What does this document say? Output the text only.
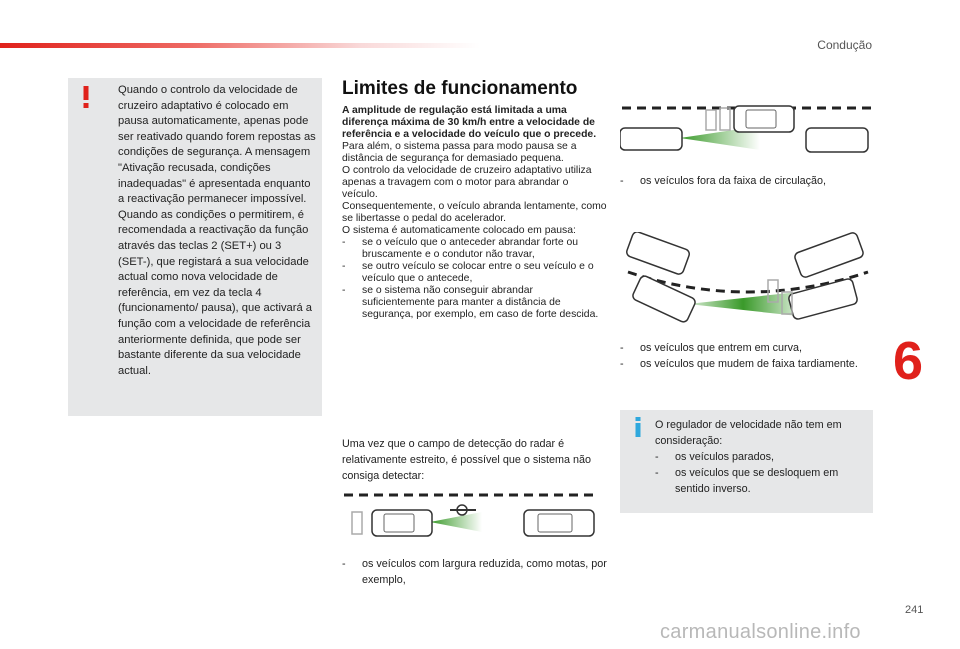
Condução
Quando o controlo da velocidade de cruzeiro adaptativo é colocado em pausa automaticamente, apenas pode ser reativado quando forem repostas as condições de segurança. A mensagem "Ativação recusada, condições inadequadas" é apresentada enquanto a reactivação permanecer impossível. Quando as condições o permitirem, é recomendada a reactivação da função através das teclas 2 (SET+) ou 3 (SET-), que registará a sua velocidade actual como nova velocidade de referência, em vez da tecla 4 (funcionamento/ pausa), que activará a função com a velocidade de referência anteriormente definida, que pode ser bastante diferente da sua velocidade actual.
Limites de funcionamento

A amplitude de regulação está limitada a uma diferença máxima de 30 km/h entre a velocidade de referência e a velocidade do veículo que o precede.

Para além, o sistema passa para modo pausa se a distância de segurança for demasiado pequena.

O controlo da velocidade de cruzeiro adaptativo utiliza apenas a travagem com o motor para abrandar o veículo.

Consequentemente, o veículo abranda lentamente, como se libertasse o pedal do acelerador.

O sistema é automaticamente colocado em pausa:

-	se o veículo que o anteceder abrandar forte ou bruscamente e o condutor não travar,
-	se outro veículo se colocar entre o seu veículo e o veículo que o antecede,
-	se o sistema não conseguir abrandar suficientemente para manter a distância de segurança, por exemplo, em caso de forte descida.
Uma vez que o campo de detecção do radar é relativamente estreito, é possível que o sistema não consiga detectar:
-	os veículos com largura reduzida, como motas, por exemplo,
-	os veículos fora da faixa de circulação,
-	os veículos que entrem em curva,
-	os veículos que mudem de faixa tardiamente.
O regulador de velocidade não tem em consideração:
-	os veículos parados,
-	os veículos que se desloquem em sentido inverso.
6
241
carmanualsonline.info
